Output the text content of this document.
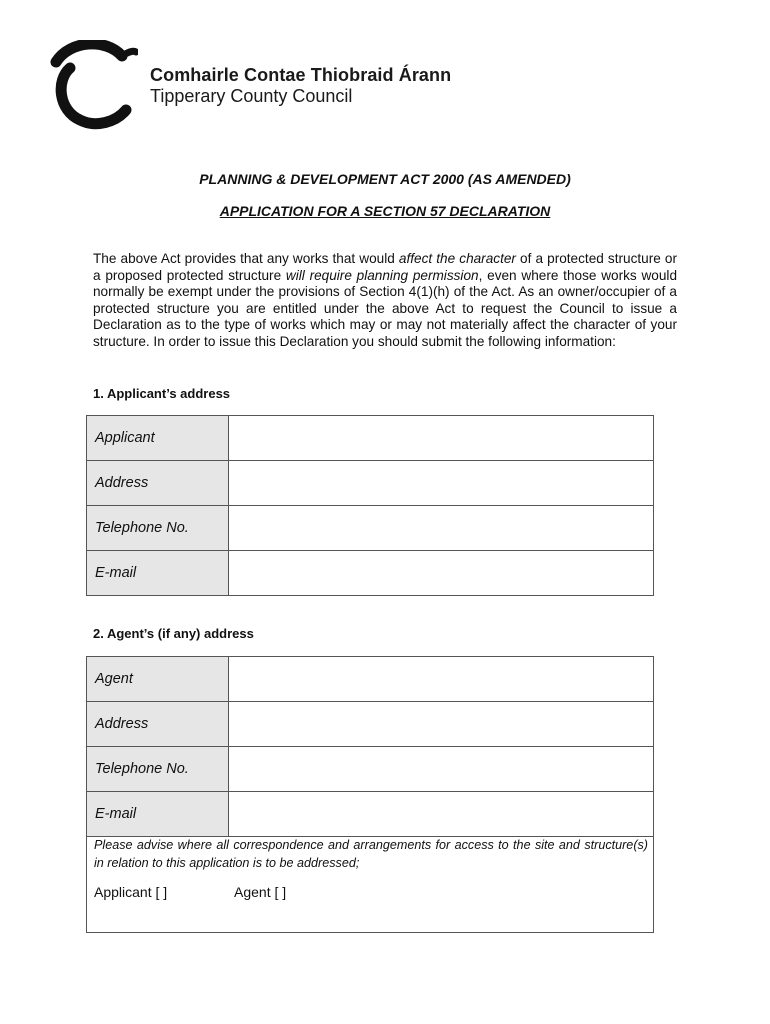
Comhairle Contae Thiobraid Árann
Tipperary County Council
PLANNING & DEVELOPMENT ACT 2000 (AS AMENDED)
APPLICATION FOR A SECTION 57 DECLARATION

The above Act provides that any works that would affect the character of a protected structure or a proposed protected structure will require planning permission, even where those works would normally be exempt under the provisions of Section 4(1)(h) of the Act. As an owner/occupier of a protected structure you are entitled under the above Act to request the Council to issue a Declaration as to the type of works which may or may not materially affect the character of your structure. In order to issue this Declaration you should submit the following information:

1. Applicant’s address
Applicant	
Address	
Telephone No.	
E-mail	
2. Agent’s (if any) address
Agent	
Address	
Telephone No.	
E-mail	

Please advise where all correspondence and arrangements for access to the site and structure(s) in relation to this application is to be addressed;

Applicant [ ]	Agent [ ]
